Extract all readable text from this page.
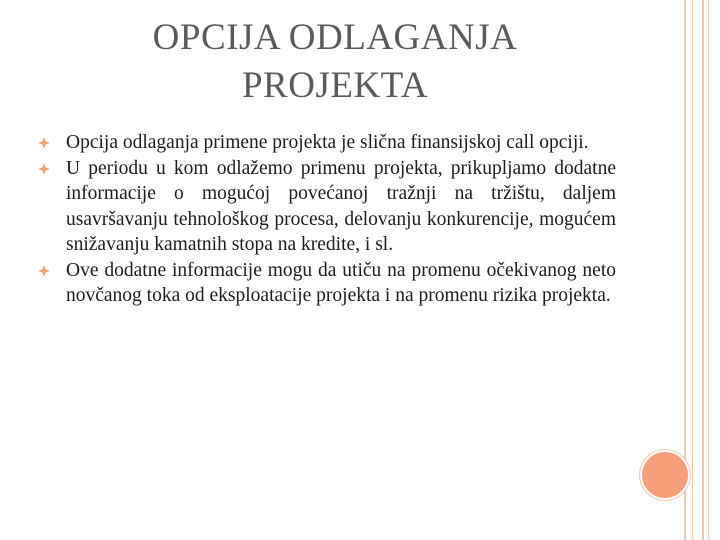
OPCIJA ODLAGANJA
PROJEKTA
Opcija odlaganja primene projekta je slična finansijskoj call opciji.
U periodu u kom odlažemo primenu projekta, prikupljamo dodatne informacije o mogućoj povećanoj tražnji na tržištu, daljem usavršavanju tehnološkog procesa, delovanju konkurencije, mogućem snižavanju kamatnih stopa na kredite, i sl.
Ove dodatne informacije mogu da utiču na promenu očekivanog neto novčanog toka od eksploatacije projekta i na promenu rizika projekta.
